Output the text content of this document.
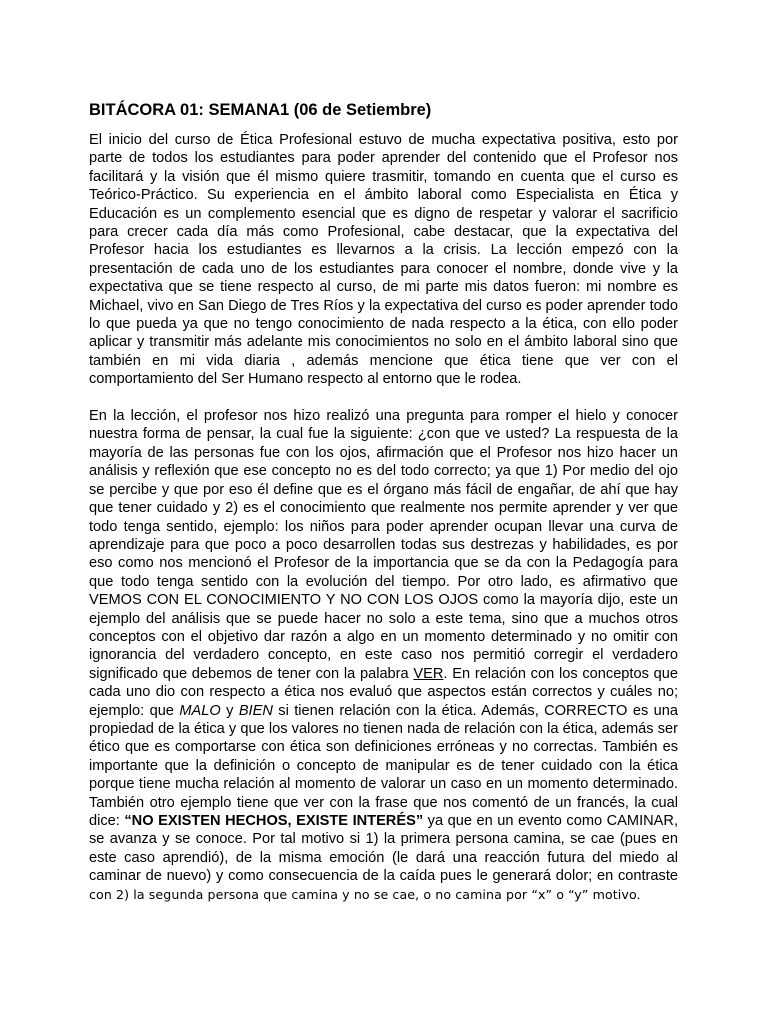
BITÁCORA 01: SEMANA1 (06 de Setiembre)

El inicio del curso de Ética Profesional estuvo de mucha expectativa positiva, esto por parte de todos los estudiantes para poder aprender del contenido que el Profesor nos facilitará y la visión que él mismo quiere trasmitir, tomando en cuenta que el curso es Teórico-Práctico. Su experiencia en el ámbito laboral como Especialista en Ética y Educación es un complemento esencial que es digno de respetar y valorar el sacrificio para crecer cada día más como Profesional, cabe destacar, que la expectativa del Profesor hacia los estudiantes es llevarnos a la crisis. La lección empezó con la presentación de cada uno de los estudiantes para conocer el nombre, donde vive y la expectativa que se tiene respecto al curso, de mi parte mis datos fueron: mi nombre es Michael, vivo en San Diego de Tres Ríos y la expectativa del curso es poder aprender todo lo que pueda ya que no tengo conocimiento de nada respecto a la ética, con ello poder aplicar y transmitir más adelante mis conocimientos no solo en el ámbito laboral sino que también en mi vida diaria , además mencione que ética tiene que ver con el comportamiento del Ser Humano respecto al entorno que le rodea.

En la lección, el profesor nos hizo realizó una pregunta para romper el hielo y conocer nuestra forma de pensar, la cual fue la siguiente: ¿con que ve usted? La respuesta de la mayoría de las personas fue con los ojos, afirmación que el Profesor nos hizo hacer un análisis y reflexión que ese concepto no es del todo correcto; ya que 1) Por medio del ojo se percibe y que por eso él define que es el órgano más fácil de engañar, de ahí que hay que tener cuidado y 2) es el conocimiento que realmente nos permite aprender y ver que todo tenga sentido, ejemplo: los niños para poder aprender ocupan llevar una curva de aprendizaje para que poco a poco desarrollen todas sus destrezas y habilidades, es por eso como nos mencionó el Profesor de la importancia que se da con la Pedagogía para que todo tenga sentido con la evolución del tiempo. Por otro lado, es afirmativo que VEMOS CON EL CONOCIMIENTO Y NO CON LOS OJOS como la mayoría dijo, este un ejemplo del análisis que se puede hacer no solo a este tema, sino que a muchos otros conceptos con el objetivo dar razón a algo en un momento determinado y no omitir con ignorancia del verdadero concepto, en este caso nos permitió corregir el verdadero significado que debemos de tener con la palabra VER. En relación con los conceptos que cada uno dio con respecto a ética nos evaluó que aspectos están correctos y cuáles no; ejemplo: que MALO y BIEN si tienen relación con la ética. Además, CORRECTO es una propiedad de la ética y que los valores no tienen nada de relación con la ética, además ser ético que es comportarse con ética son definiciones erróneas y no correctas. También es importante que la definición o concepto de manipular es de tener cuidado con la ética porque tiene mucha relación al momento de valorar un caso en un momento determinado. También otro ejemplo tiene que ver con la frase que nos comentó de un francés, la cual dice: “NO EXISTEN HECHOS, EXISTE INTERÉS” ya que en un evento como CAMINAR, se avanza y se conoce. Por tal motivo si 1) la primera persona camina, se cae (pues en este caso aprendió), de la misma emoción (le dará una reacción futura del miedo al caminar de nuevo) y como consecuencia de la caída pues le generará dolor; en contraste con 2) la segunda persona que camina y no se cae, o no camina por “x” o “y” motivo.
